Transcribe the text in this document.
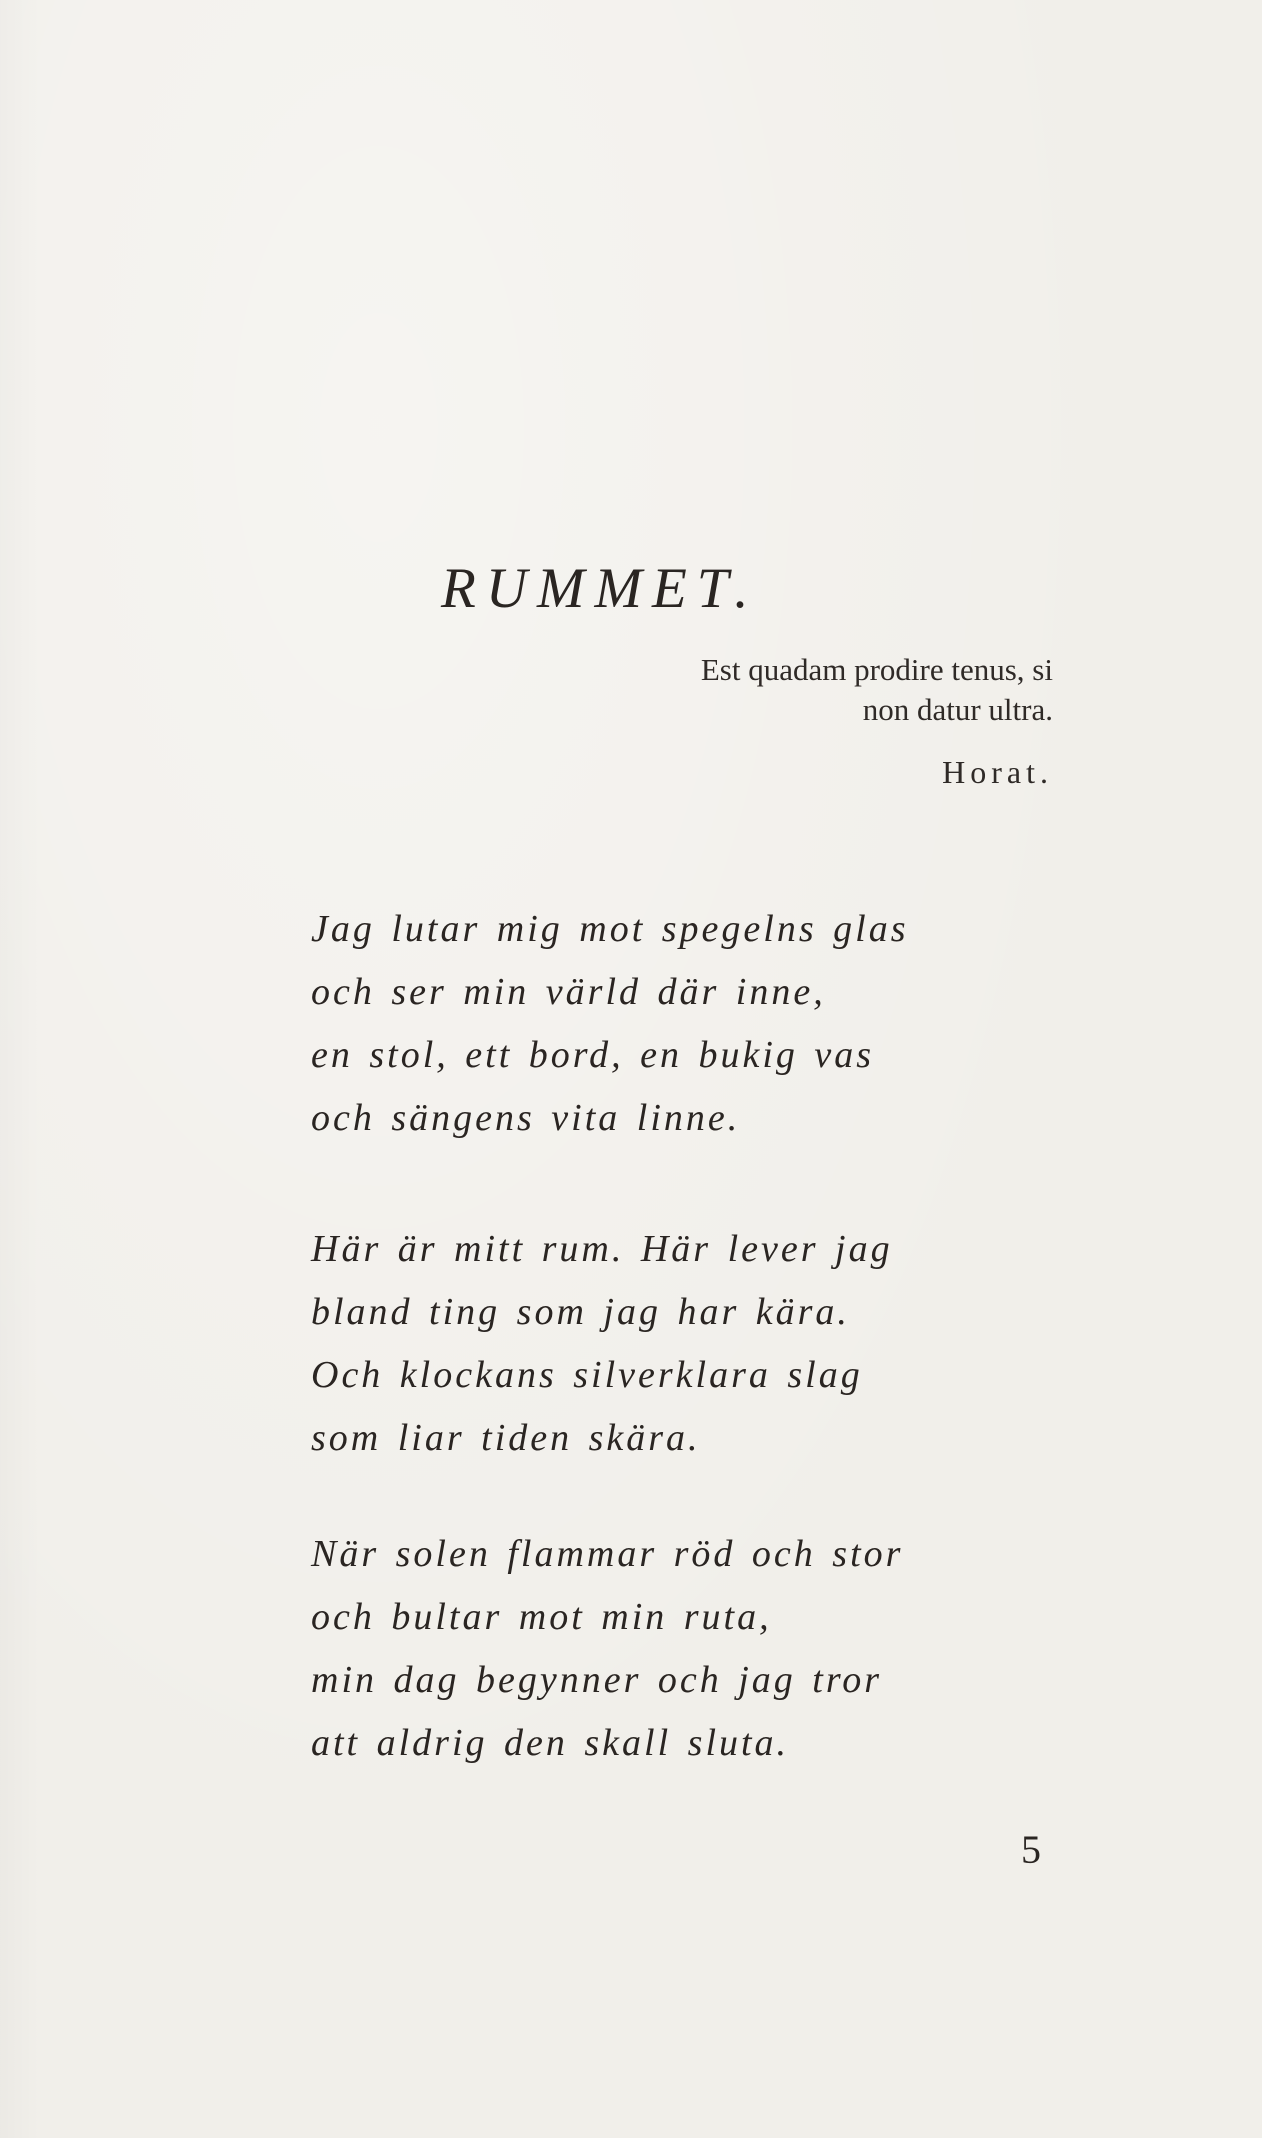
RUMMET.
Est quadam prodire tenus, si
non datur ultra.
Horat.
Jag lutar mig mot spegelns glas
och ser min värld där inne,
en stol, ett bord, en bukig vas
och sängens vita linne.
Här är mitt rum. Här lever jag
bland ting som jag har kära.
Och klockans silverklara slag
som liar tiden skära.
När solen flammar röd och stor
och bultar mot min ruta,
min dag begynner och jag tror
att aldrig den skall sluta.
5
